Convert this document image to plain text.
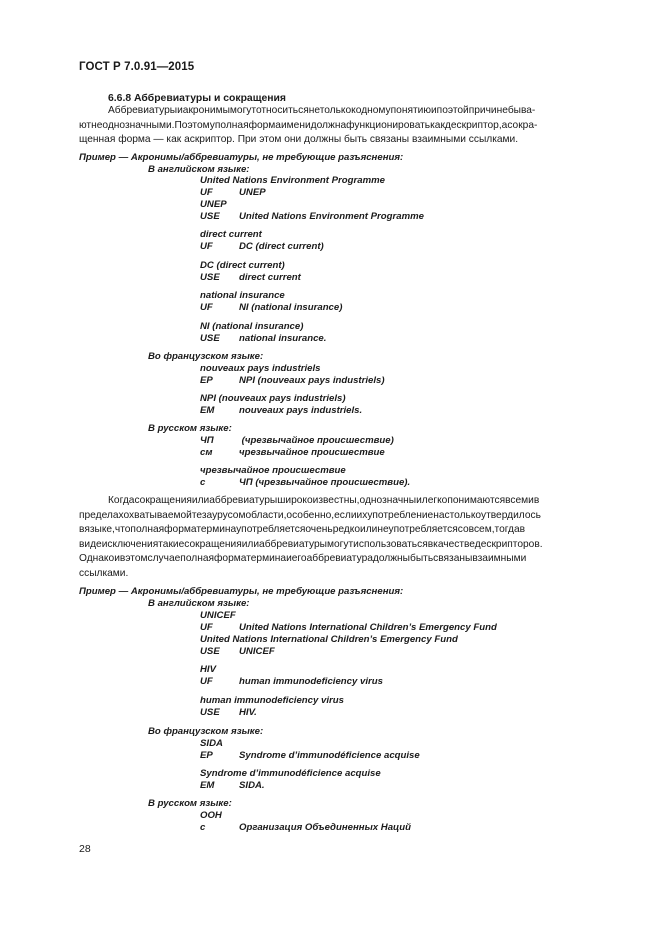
ГОСТ Р 7.0.91—2015
6.6.8 Аббревиатуры и сокращения
Аббревиатурыиакронимымогутотноситьсянетолькокодномупонятиюипоэтойпричинебыва-
ютнеоднозначными.Поэтомуполнаяформаименидолжнафункционироватькакдескриптор,асокра-
щенная форма — как аскриптор. При этом они должны быть связаны взаимными ссылками.
Пример — Акронимы/аббревиатуры, не требующие разъяснения:
В английском языке:
United Nations Environment Programme
UF	UNEP
UNEP
USE United Nations Environment Programme
direct current
UF	DC (direct current)
DC (direct current)
USE direct current
national insurance
UF	NI (national insurance)
NI (national insurance)
USE national insurance.
Во французском языке:
nouveaux pays industriels
EP	NPI (nouveaux pays industriels)
NPI (nouveaux pays industriels)
EM	nouveaux pays industriels.
В русском языке:
ЧП	(чрезвычайное происшествие)
см	чрезвычайное происшествие
чрезвычайное происшествие
с	ЧП (чрезвычайное происшествие).
Когдасокращенияилиаббревиатурыширокоизвестны,однозначныилегкопонимаютсявсемив
пределахохватываемойтезаурусомобласти,особенно,еслиихупотреблениенастолькоутвердилось
вязыке,чтополнаяформатерминаупотребляетсяоченьредкоилинеупотребляетсясовсем,тогдав
видеисключениятакиесокращенияилиаббревиатурымогутиспользоватьсявкачестведескрипторов.
Однакоивэтомслучаеполнаяформатерминаиегоаббревиатурадолжныбытьсвязанывзаимными
ссылками.
Пример — Акронимы/аббревиатуры, не требующие разъяснения:
В английском языке:
UNICEF
UF	United Nations International Children’s Emergency Fund
United Nations International Children’s Emergency Fund
USE UNICEF
HIV
UF	human immunodeficiency virus
human immunodeficiency virus
USE HIV.
Во французском языке:
SIDA
EP	Syndrome d’immunodéficience acquise
Syndrome d’immunodéficience acquise
EM	SIDA.
В русском языке:
ООН
с	Организация Объединенных Наций
28
